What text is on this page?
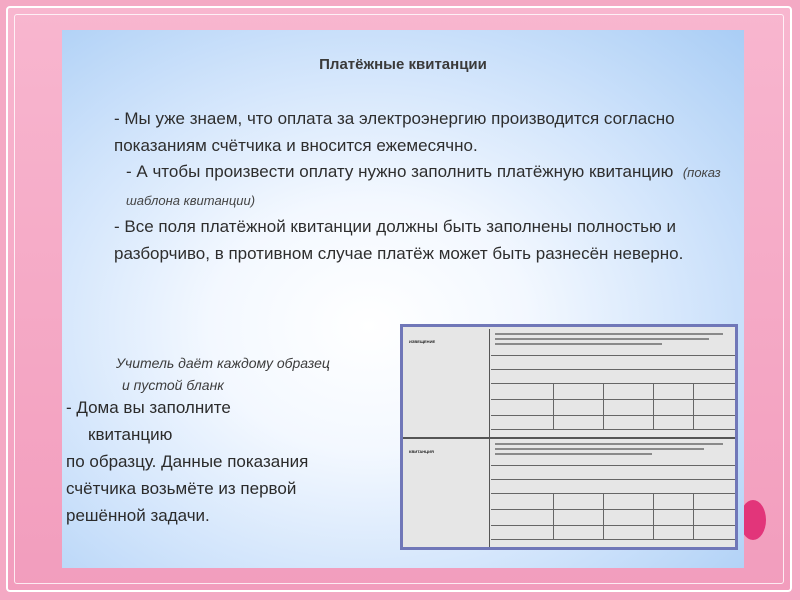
Платёжные квитанции
- Мы уже знаем, что оплата за электроэнергию производится согласно показаниям счётчика и вносится ежемесячно.
- А чтобы произвести оплату нужно заполнить платёжную квитанцию (показ шаблона квитанции)
- Все поля платёжной квитанции должны быть заполнены полностью и разборчиво, в противном случае платёж может быть разнесён неверно.
Учитель даёт каждому образец
и пустой бланк
- Дома вы заполните
квитанцию
по образцу. Данные показания
счётчика возьмёте из первой
решённой задачи.
ИЗВЕЩЕНИЕ
КВИТАНЦИЯ
